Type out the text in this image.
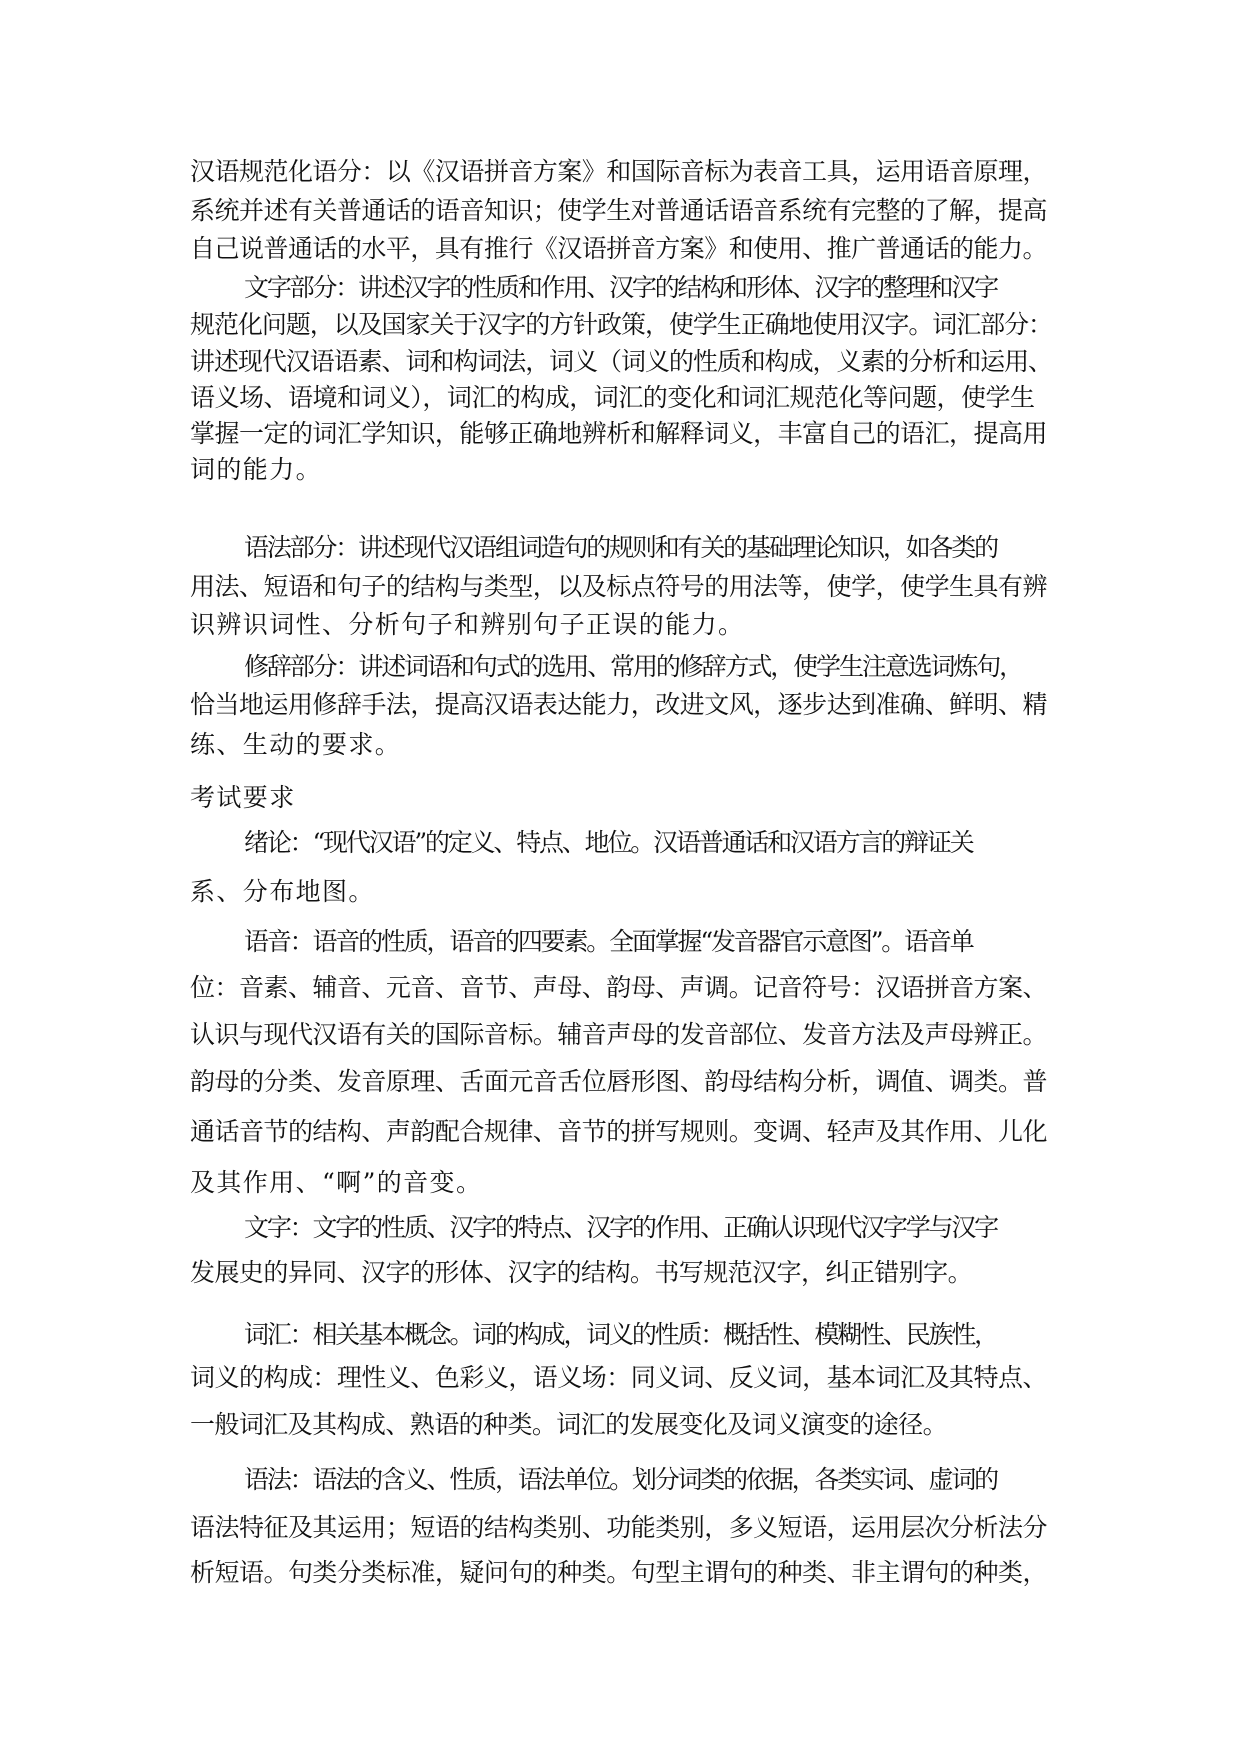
汉语规范化语分：以《汉语拼音方案》和国际音标为表音工具，运用语音原理，
系统并述有关普通话的语音知识；使学生对普通话语音系统有完整的了解，提高
自己说普通话的水平，具有推行《汉语拼音方案》和使用、推广普通话的能力。
文字部分：讲述汉字的性质和作用、汉字的结构和形体、汉字的整理和汉字
规范化问题，以及国家关于汉字的方针政策，使学生正确地使用汉字。词汇部分：
讲述现代汉语语素、词和构词法，词义（词义的性质和构成，义素的分析和运用、
语义场、语境和词义），词汇的构成，词汇的变化和词汇规范化等问题，使学生
掌握一定的词汇学知识，能够正确地辨析和解释词义，丰富自己的语汇，提高用
词的能力。
语法部分：讲述现代汉语组词造句的规则和有关的基础理论知识，如各类的
用法、短语和句子的结构与类型，以及标点符号的用法等，使学，使学生具有辨
识辨识词性、分析句子和辨别句子正误的能力。
修辞部分：讲述词语和句式的选用、常用的修辞方式，使学生注意选词炼句，
恰当地运用修辞手法，提高汉语表达能力，改进文风，逐步达到准确、鲜明、精
练、生动的要求。
考试要求
绪论：“现代汉语”的定义、特点、地位。汉语普通话和汉语方言的辩证关
系、分布地图。
语音：语音的性质，语音的四要素。全面掌握“发音器官示意图”。语音单
位：音素、辅音、元音、音节、声母、韵母、声调。记音符号：汉语拼音方案、
认识与现代汉语有关的国际音标。辅音声母的发音部位、发音方法及声母辨正。
韵母的分类、发音原理、舌面元音舌位唇形图、韵母结构分析，调值、调类。普
通话音节的结构、声韵配合规律、音节的拼写规则。变调、轻声及其作用、儿化
及其作用、“啊”的音变。
文字：文字的性质、汉字的特点、汉字的作用、正确认识现代汉字学与汉字
发展史的异同、汉字的形体、汉字的结构。书写规范汉字，纠正错别字。
词汇：相关基本概念。词的构成，词义的性质：概括性、模糊性、民族性，
词义的构成：理性义、色彩义，语义场：同义词、反义词，基本词汇及其特点、
一般词汇及其构成、熟语的种类。词汇的发展变化及词义演变的途径。
语法：语法的含义、性质，语法单位。划分词类的依据，各类实词、虚词的
语法特征及其运用；短语的结构类别、功能类别，多义短语，运用层次分析法分
析短语。句类分类标准，疑问句的种类。句型主谓句的种类、非主谓句的种类，
